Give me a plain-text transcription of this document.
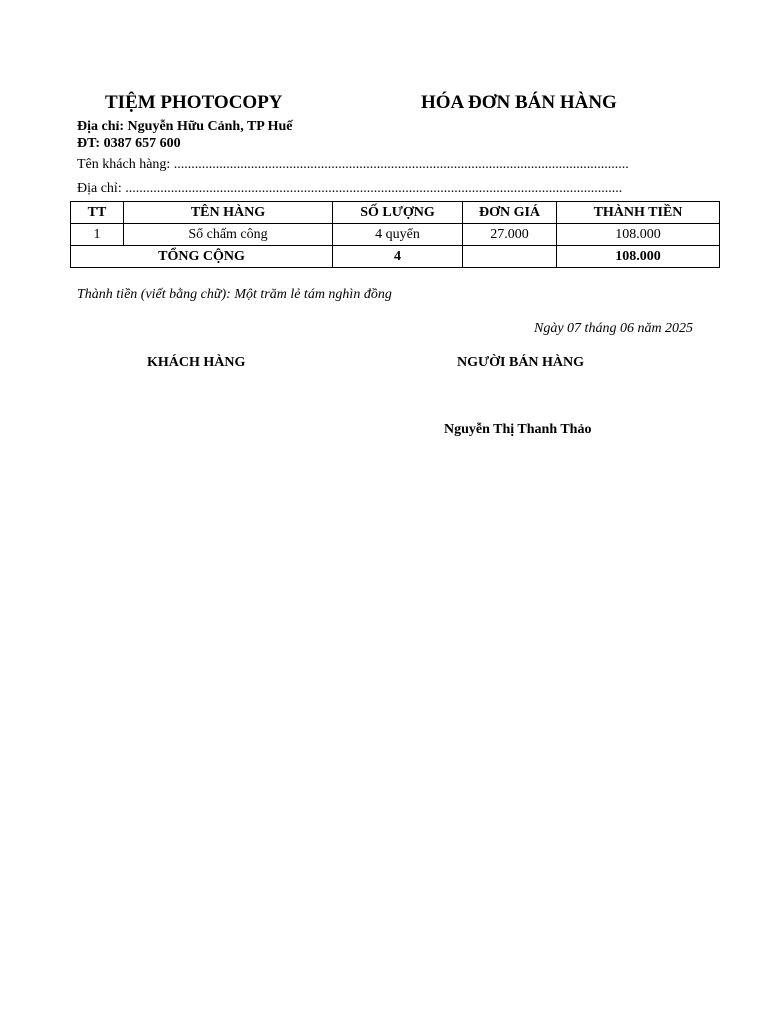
TIỆM PHOTOCOPY	HÓA ĐƠN BÁN HÀNG
Địa chỉ: Nguyễn Hữu Cảnh, TP Huế
ĐT: 0387 657 600
Tên khách hàng: ..................................................................................................................................
Địa chỉ: ..............................................................................................................................................
TT	TÊN HÀNG	SỐ LƯỢNG	ĐƠN GIÁ	THÀNH TIỀN
1	Sổ chấm công	4 quyển	27.000	108.000
TỔNG CỘNG		4		108.000
Thành tiền (viết bằng chữ): Một trăm lẻ tám nghìn đồng
Ngày 07 tháng 06 năm 2025
KHÁCH HÀNG	NGƯỜI BÁN HÀNG
Nguyễn Thị Thanh Thảo
